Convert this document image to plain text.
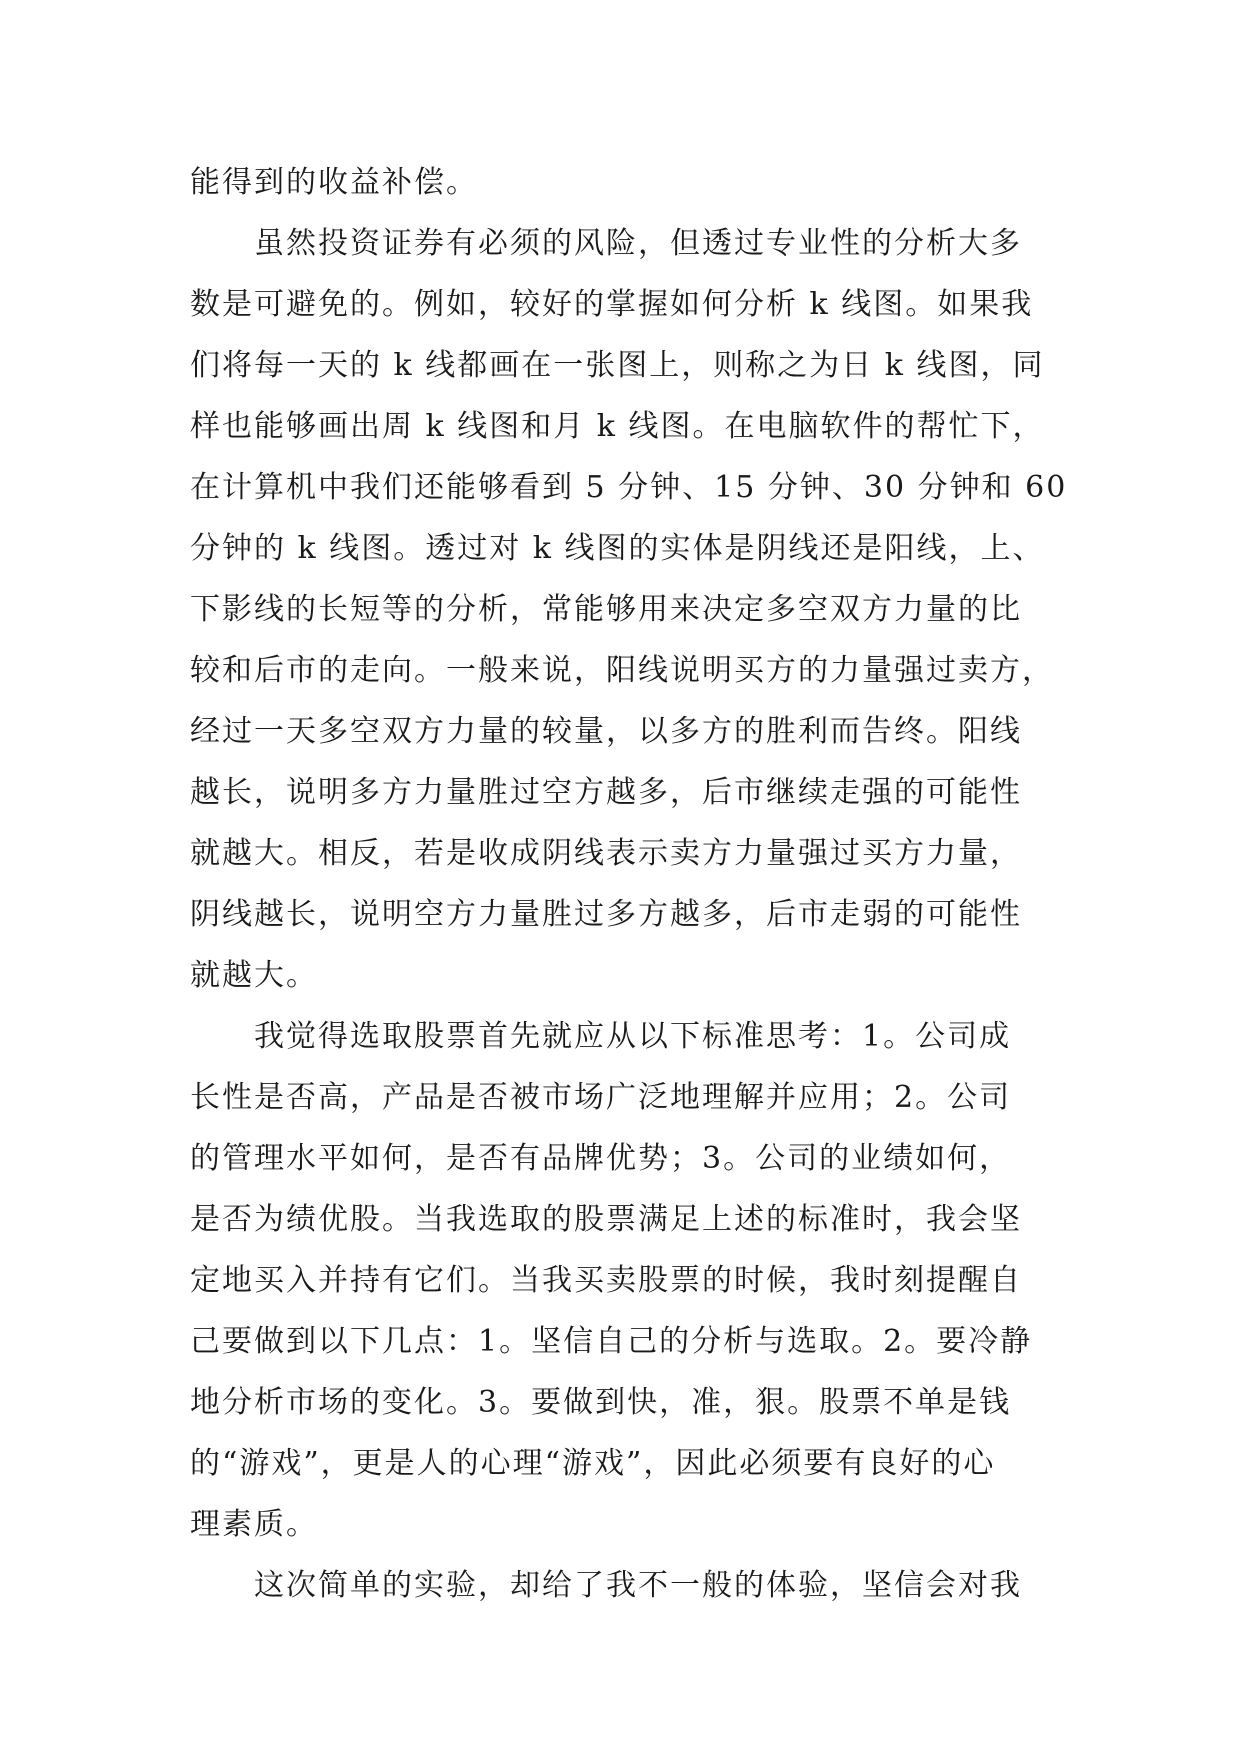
能得到的收益补偿。
虽然投资证券有必须的风险，但透过专业性的分析大多
数是可避免的。例如，较好的掌握如何分析 k 线图。如果我
们将每一天的 k 线都画在一张图上，则称之为日 k 线图，同
样也能够画出周 k 线图和月 k 线图。在电脑软件的帮忙下，
在计算机中我们还能够看到 5 分钟、15 分钟、30 分钟和 60
分钟的 k 线图。透过对 k 线图的实体是阴线还是阳线，上、
下影线的长短等的分析，常能够用来决定多空双方力量的比
较和后市的走向。一般来说，阳线说明买方的力量强过卖方，
经过一天多空双方力量的较量，以多方的胜利而告终。阳线
越长，说明多方力量胜过空方越多，后市继续走强的可能性
就越大。相反，若是收成阴线表示卖方力量强过买方力量，
阴线越长，说明空方力量胜过多方越多，后市走弱的可能性
就越大。
我觉得选取股票首先就应从以下标准思考：1。公司成
长性是否高，产品是否被市场广泛地理解并应用；2。公司
的管理水平如何，是否有品牌优势；3。公司的业绩如何，
是否为绩优股。当我选取的股票满足上述的标准时，我会坚
定地买入并持有它们。当我买卖股票的时候，我时刻提醒自
己要做到以下几点：1。坚信自己的分析与选取。2。要冷静
地分析市场的变化。3。要做到快，准，狠。股票不单是钱
的“游戏”，更是人的心理“游戏”，因此必须要有良好的心
理素质。
这次简单的实验，却给了我不一般的体验，坚信会对我
